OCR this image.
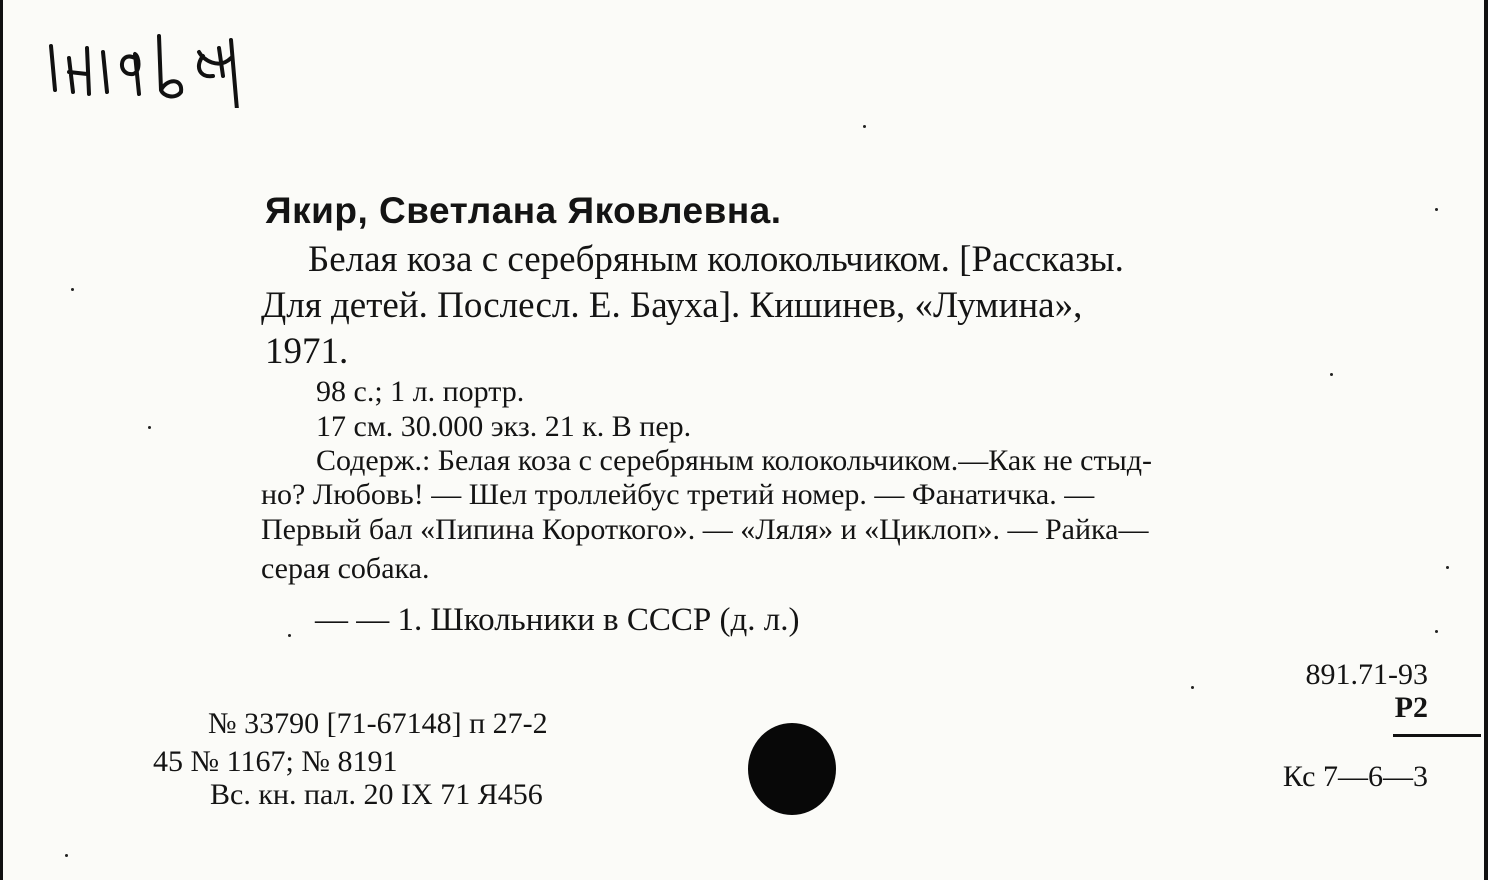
Якир, Светлана Яковлевна.
Белая коза с серебряным колокольчиком. [Рассказы.
Для детей. Послесл. Е. Бауха]. Кишинев, «Лумина»,
1971.
98 с.; 1 л. портр.
17 см. 30.000 экз. 21 к. В пер.
Содерж.: Белая коза с серебряным колокольчиком.—Как не стыд-
но? Любовь! — Шел троллейбус третий номер. — Фанатичка. —
Первый бал «Пипина Короткого». — «Ляля» и «Циклоп». — Райка—
серая собака.
— — 1. Школьники в СССР (д. л.)
891.71-93
Р2
Кс 7—6—3
№ 33790 [71-67148] п 27-2
45 № 1167; № 8191
Вс. кн. пал. 20 IX 71 Я456
